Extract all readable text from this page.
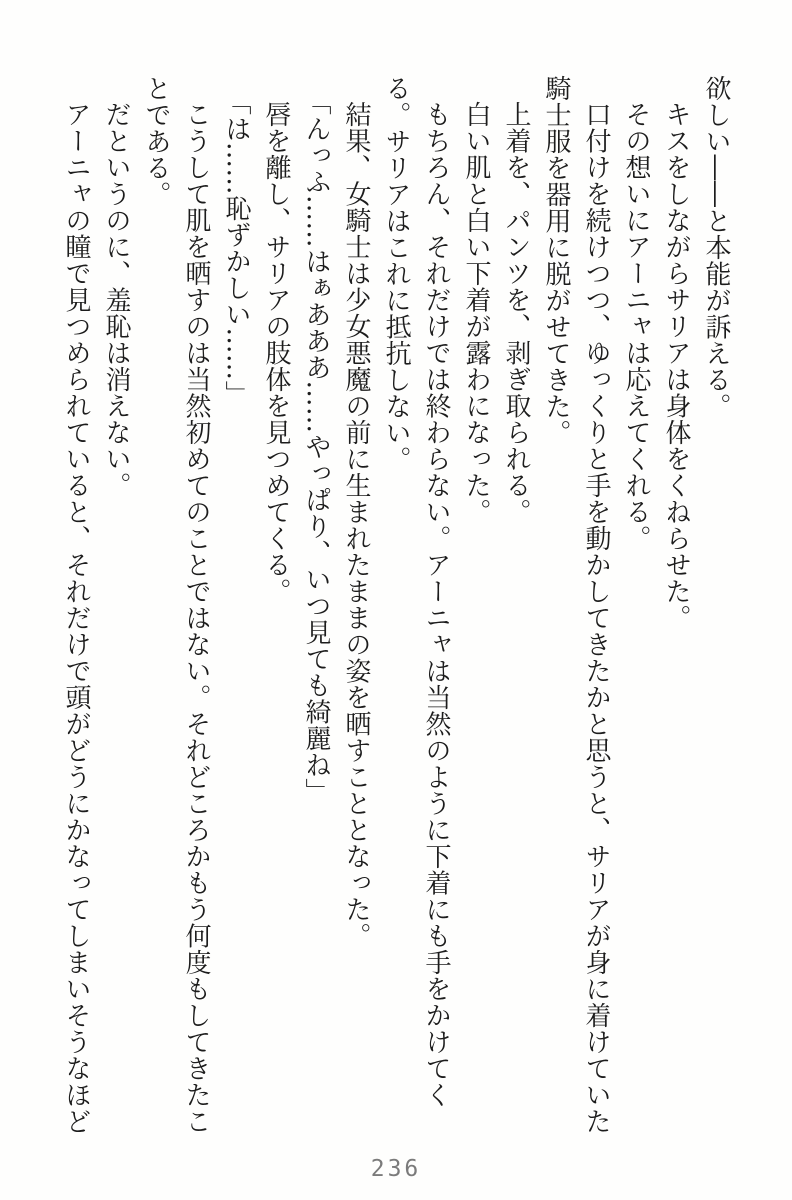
欲しい――と本能が訴える。

キスをしながらサリアは身体をくねらせた。

その想いにアーニャは応えてくれる。

口付けを続けつつ、ゆっくりと手を動かしてきたかと思うと、サリアが身に着けていた騎士服を器用に脱がせてきた。

上着を、パンツを、剥ぎ取られる。

白い肌と白い下着が露わになった。

もちろん、それだけでは終わらない。アーニャは当然のように下着にも手をかけてくる。サリアはこれに抵抗しない。

結果、女騎士は少女悪魔の前に生まれたままの姿を晒すこととなった。

「んっふ……はぁあああ……やっぱり、いつ見ても綺麗ね」

唇を離し、サリアの肢体を見つめてくる。

「は……恥ずかしい……」

こうして肌を晒すのは当然初めてのことではない。それどころかもう何度もしてきたことである。

だというのに、羞恥は消えない。

アーニャの瞳で見つめられていると、それだけで頭がどうにかなってしまいそうなほど

236
